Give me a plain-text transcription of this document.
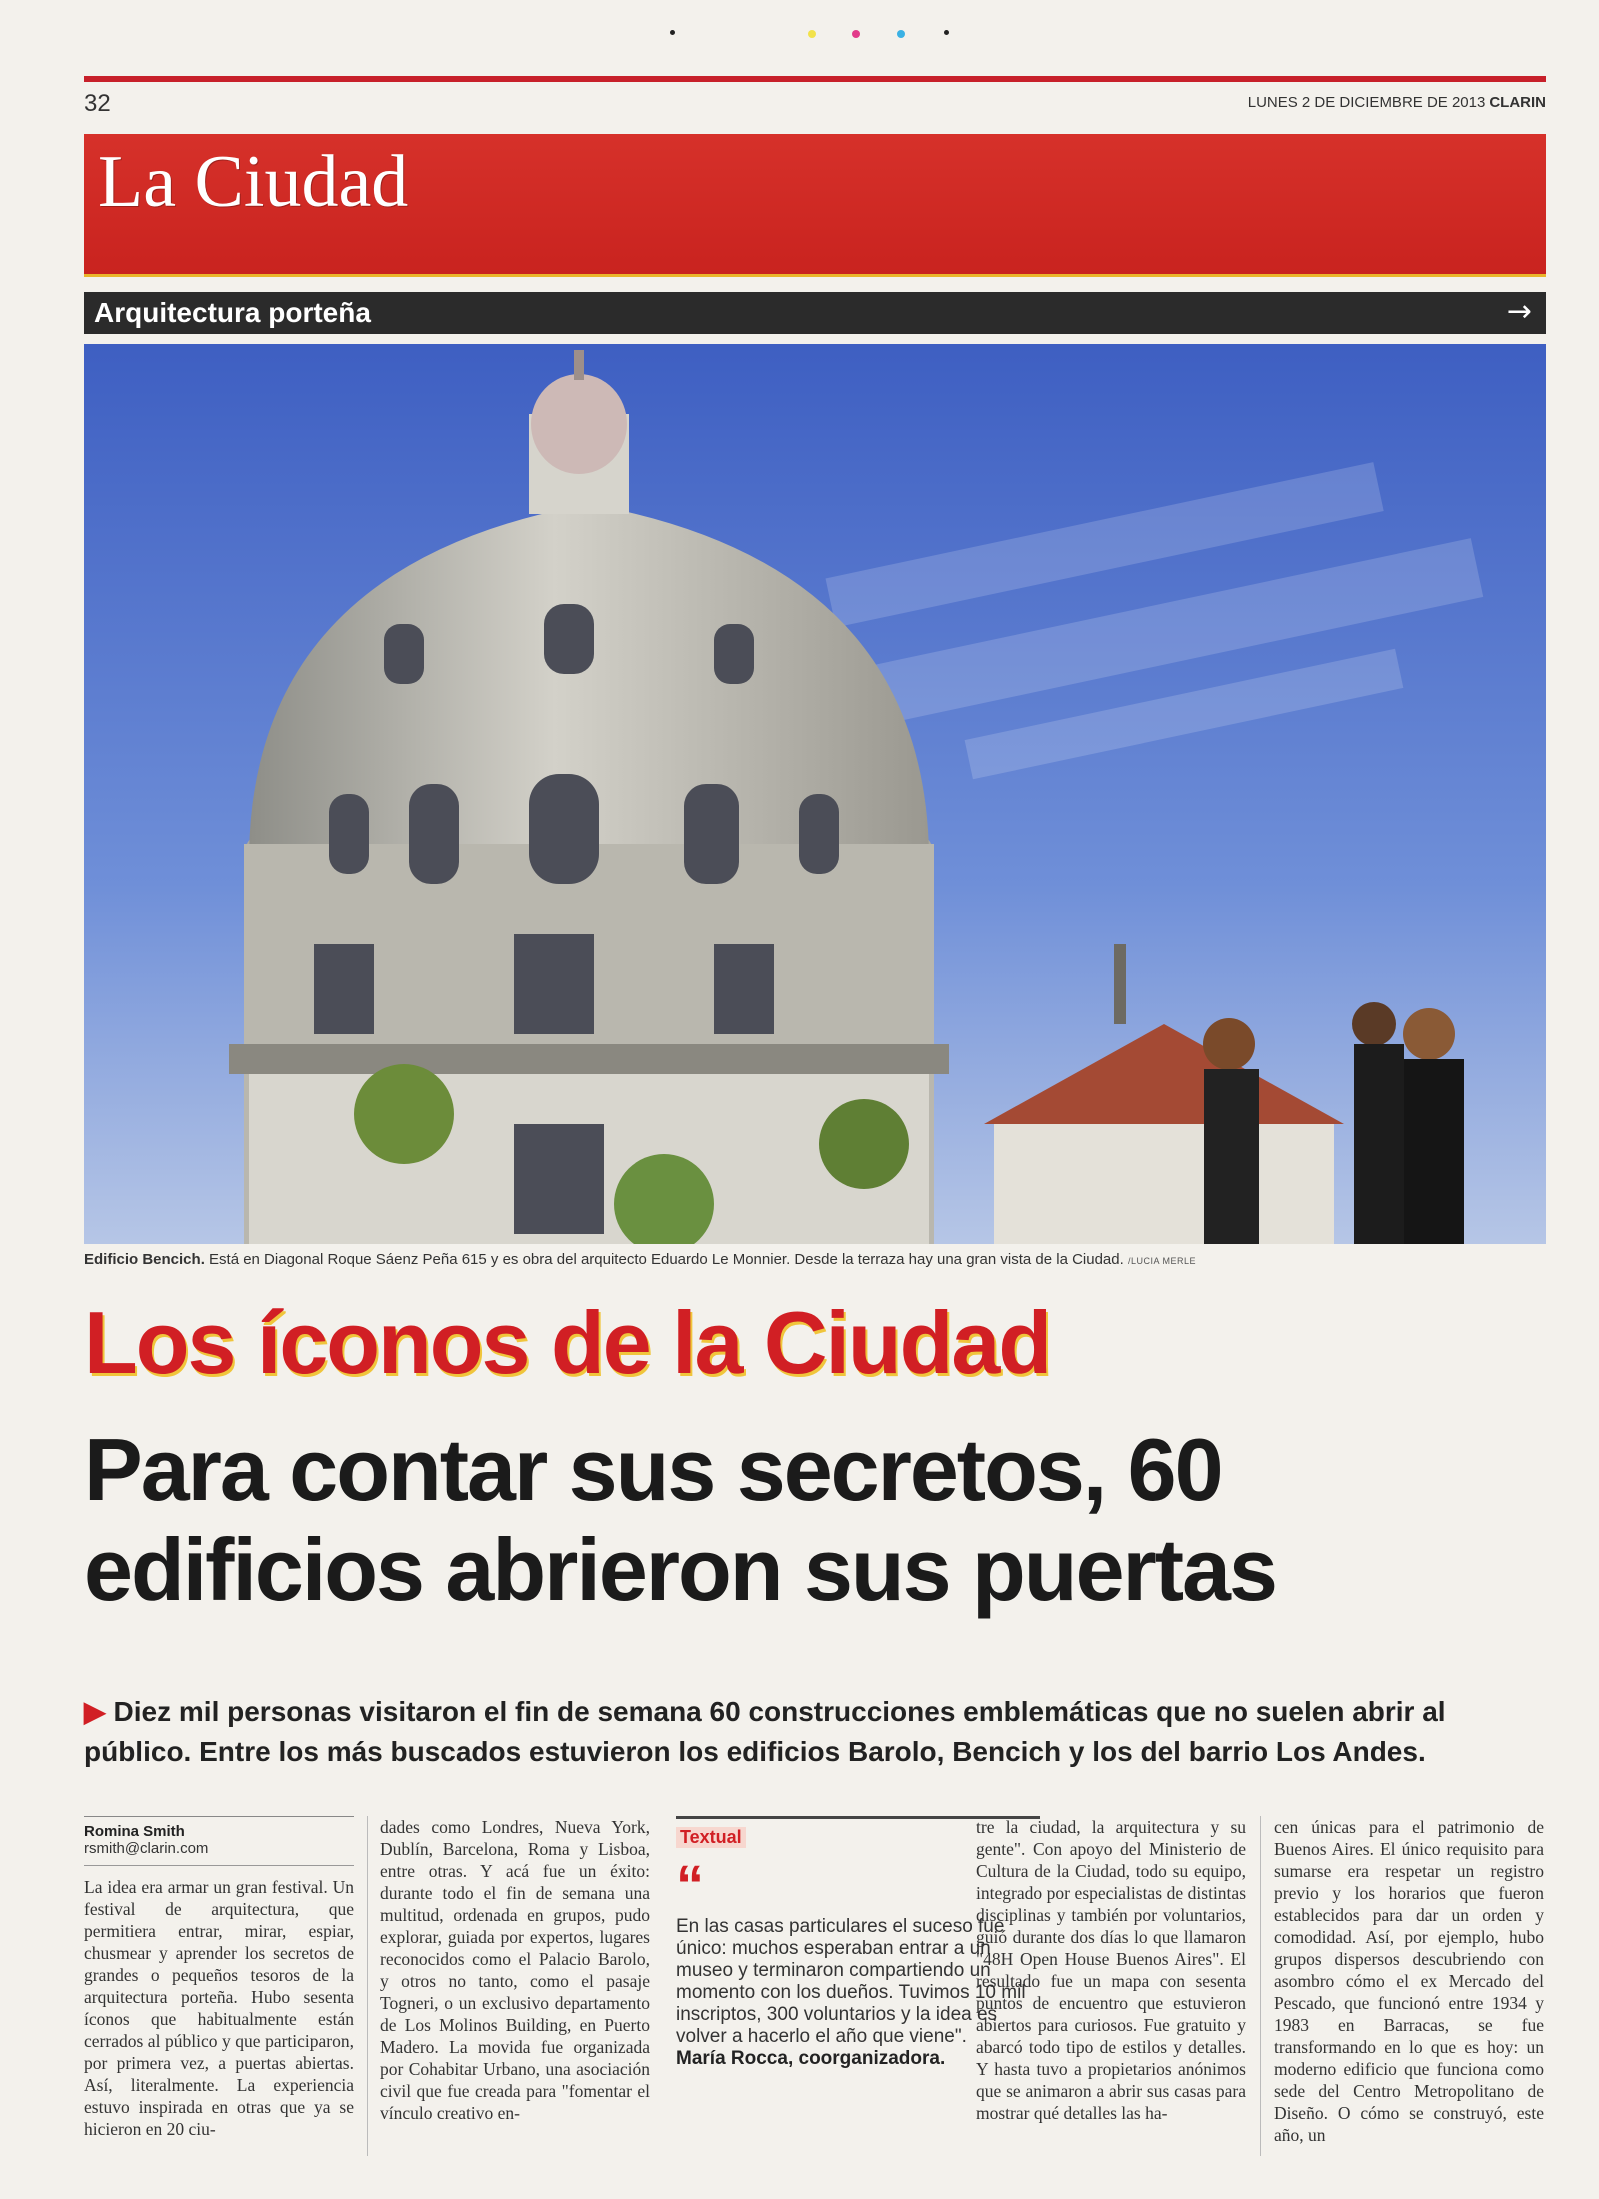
32	LUNES 2 DE DICIEMBRE DE 2013 CLARIN
La Ciudad
Arquitectura porteña	→
Edificio Bencich. Está en Diagonal Roque Sáenz Peña 615 y es obra del arquitecto Eduardo Le Monnier. Desde la terraza hay una gran vista de la Ciudad. /LUCIA MERLE
Los íconos de la Ciudad
Para contar sus secretos, 60 edificios abrieron sus puertas
▶ Diez mil personas visitaron el fin de semana 60 construcciones emblemáticas que no suelen abrir al público. Entre los más buscados estuvieron los edificios Barolo, Bencich y los del barrio Los Andes.
Romina Smith
rsmith@clarin.com

La idea era armar un gran festival. Un festival de arquitectura, que permitiera entrar, mirar, espiar, chusmear y aprender los secretos de grandes o pequeños tesoros de la arquitectura porteña. Hubo sesenta íconos que habitualmente están cerrados al público y que participaron, por primera vez, a puertas abiertas. Así, literalmente. La experiencia estuvo inspirada en otras que ya se hicieron en 20 ciu-

dades como Londres, Nueva York, Dublín, Barcelona, Roma y Lisboa, entre otras. Y acá fue un éxito: durante todo el fin de semana una multitud, ordenada en grupos, pudo explorar, guiada por expertos, lugares reconocidos como el Palacio Barolo, y otros no tanto, como el pasaje Togneri, o un exclusivo departamento de Los Molinos Building, en Puerto Madero. La movida fue organizada por Cohabitar Urbano, una asociación civil que fue creada para "fomentar el vínculo creativo en-

Textual
“
En las casas particulares el suceso fue único: muchos esperaban entrar a un museo y terminaron compartiendo un momento con los dueños. Tuvimos 10 mil inscriptos, 300 voluntarios y la idea es volver a hacerlo el año que viene".
María Rocca, coorganizadora.

tre la ciudad, la arquitectura y su gente". Con apoyo del Ministerio de Cultura de la Ciudad, todo su equipo, integrado por especialistas de distintas disciplinas y también por voluntarios, guió durante dos días lo que llamaron "48H Open House Buenos Aires". El resultado fue un mapa con sesenta puntos de encuentro que estuvieron abiertos para curiosos. Fue gratuito y abarcó todo tipo de estilos y detalles. Y hasta tuvo a propietarios anónimos que se animaron a abrir sus casas para mostrar qué detalles las ha-

cen únicas para el patrimonio de Buenos Aires. El único requisito para sumarse era respetar un registro previo y los horarios que fueron establecidos para dar un orden y comodidad. Así, por ejemplo, hubo grupos dispersos descubriendo con asombro cómo el ex Mercado del Pescado, que funcionó entre 1934 y 1983 en Barracas, se fue transformando en lo que es hoy: un moderno edificio que funciona como sede del Centro Metropolitano de Diseño. O cómo se construyó, este año, un
